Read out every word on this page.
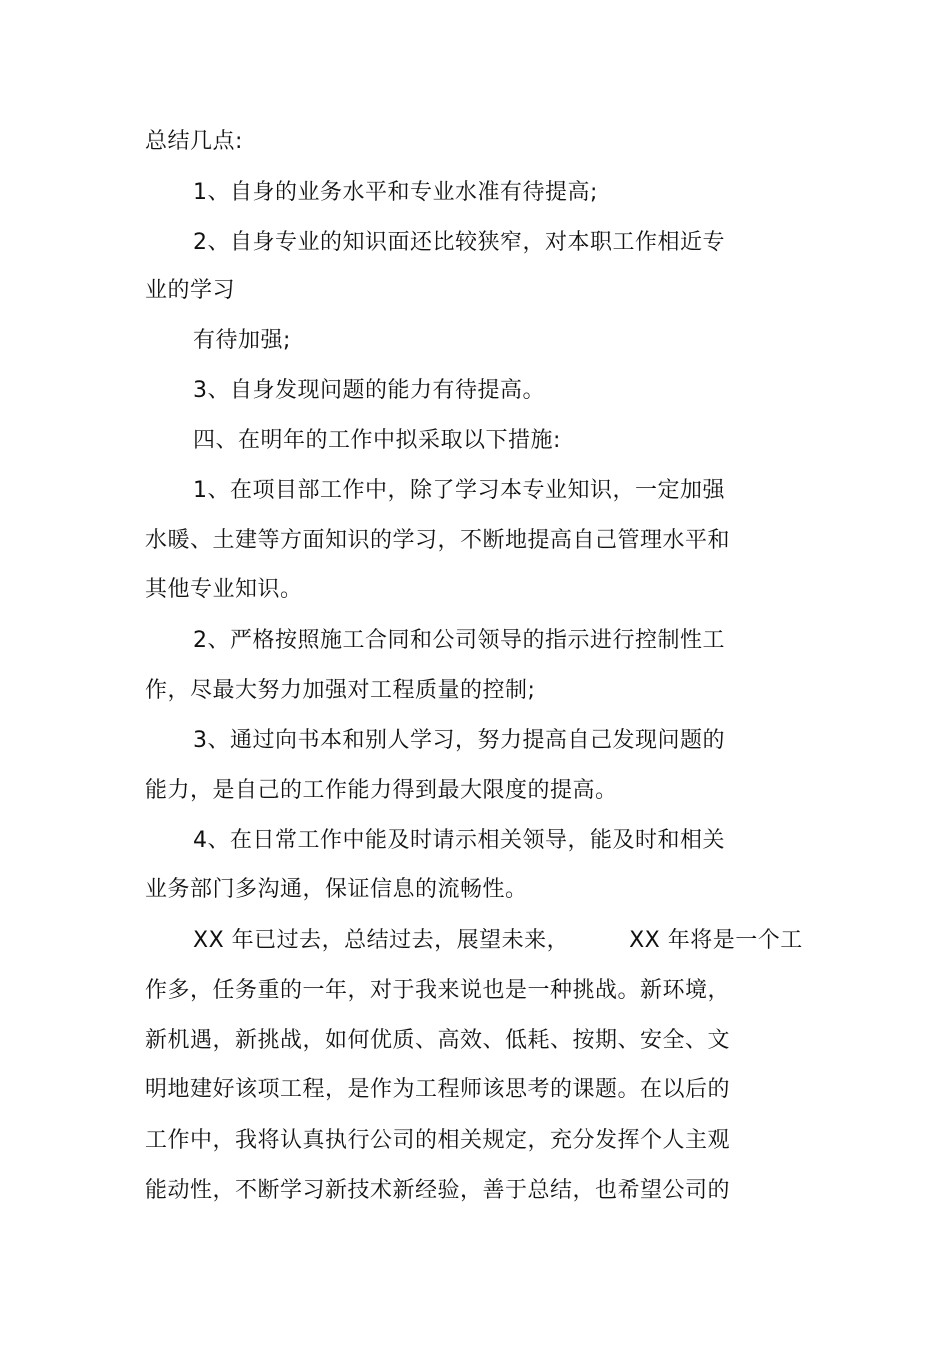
总结几点:
1、自身的业务水平和专业水准有待提高;
2、自身专业的知识面还比较狭窄，对本职工作相近专
业的学习
有待加强;
3、自身发现问题的能力有待提高。
四、在明年的工作中拟采取以下措施:
1、在项目部工作中，除了学习本专业知识，一定加强
水暖、土建等方面知识的学习，不断地提高自己管理水平和
其他专业知识。
2、严格按照施工合同和公司领导的指示进行控制性工
作，尽最大努力加强对工程质量的控制;
3、通过向书本和别人学习，努力提高自己发现问题的
能力，是自己的工作能力得到最大限度的提高。
4、在日常工作中能及时请示相关领导，能及时和相关
业务部门多沟通，保证信息的流畅性。
XX 年已过去，总结过去，展望未来，        XX 年将是一个工
作多，任务重的一年，对于我来说也是一种挑战。新环境，
新机遇，新挑战，如何优质、高效、低耗、按期、安全、文
明地建好该项工程，是作为工程师该思考的课题。在以后的
工作中，我将认真执行公司的相关规定，充分发挥个人主观
能动性，不断学习新技术新经验，善于总结，也希望公司的
